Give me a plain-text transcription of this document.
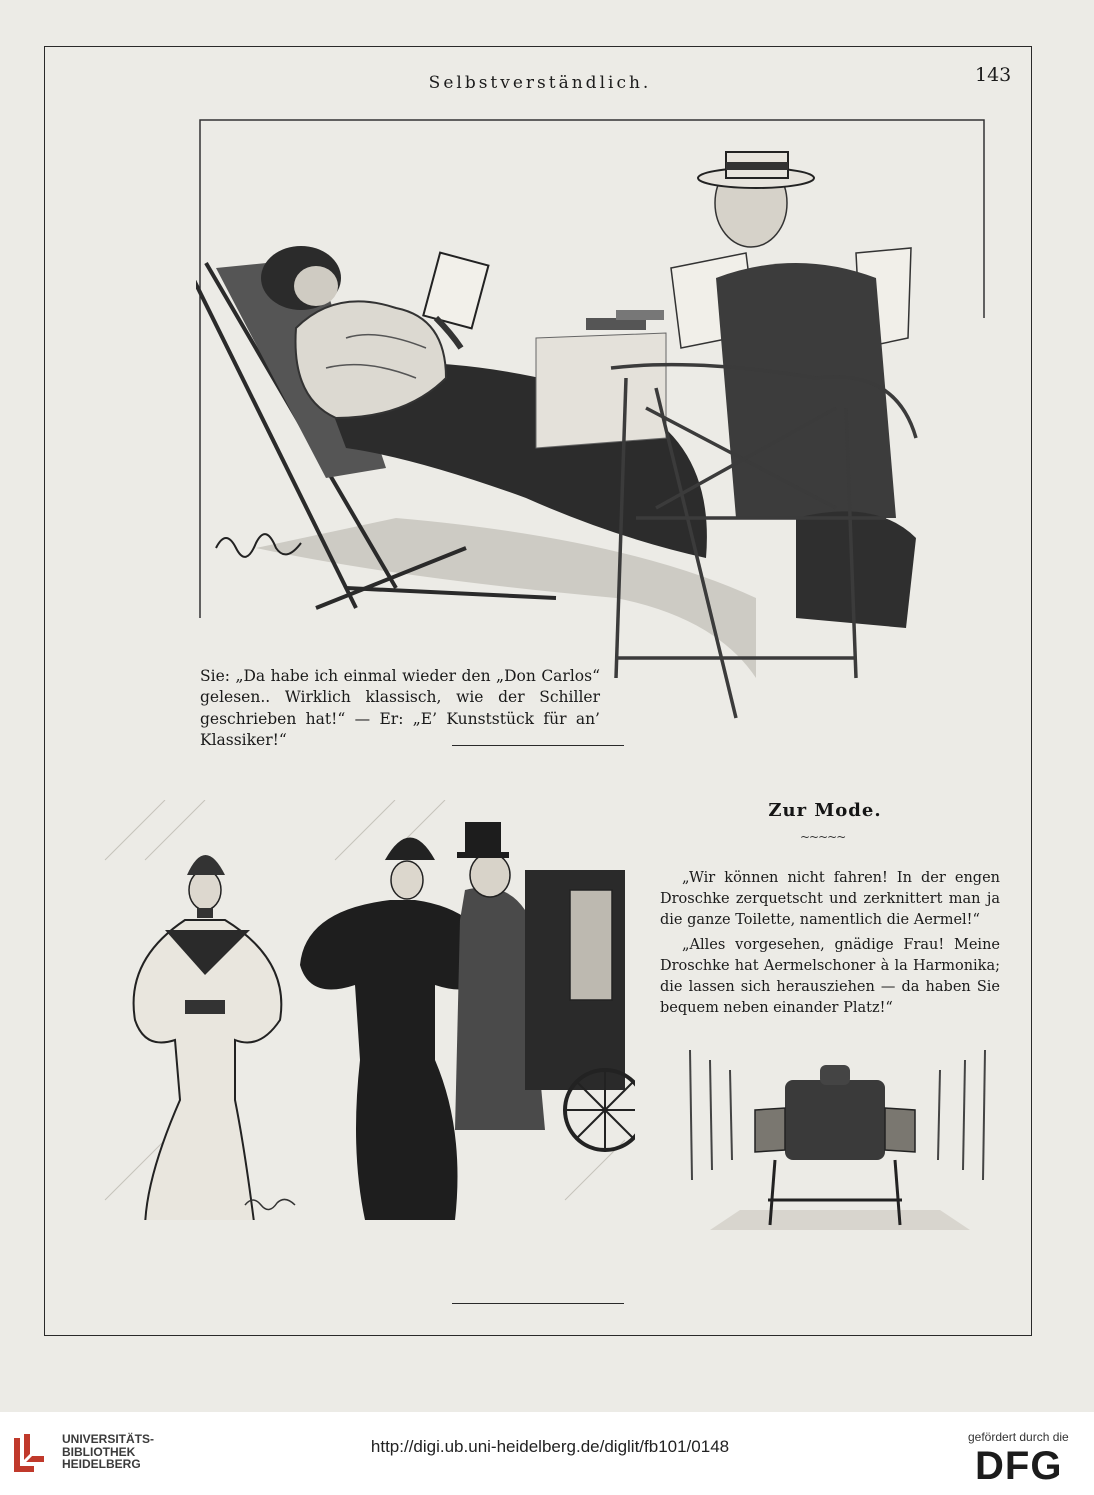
Selbstverständlich.	143

Sie: „Da habe ich einmal wieder den „Don Carlos“ gelesen.. Wirklich klassisch, wie der Schiller geschrieben hat!“ — Er: „E’ Kunststück für an’ Klassiker!“

Zur Mode.
~~~~~

„Wir können nicht fahren! In der engen Droschke zerquetscht und zerknittert man ja die ganze Toilette, namentlich die Aermel!“

„Alles vorgesehen, gnädige Frau! Meine Droschke hat Aermelschoner à la Harmonika; die lassen sich herausziehen — da haben Sie bequem neben einander Platz!“

UNIVERSITÄTS-
BIBLIOTHEK
HEIDELBERG
http://digi.ub.uni-heidelberg.de/diglit/fb101/0148	gefördert durch die
DFG
